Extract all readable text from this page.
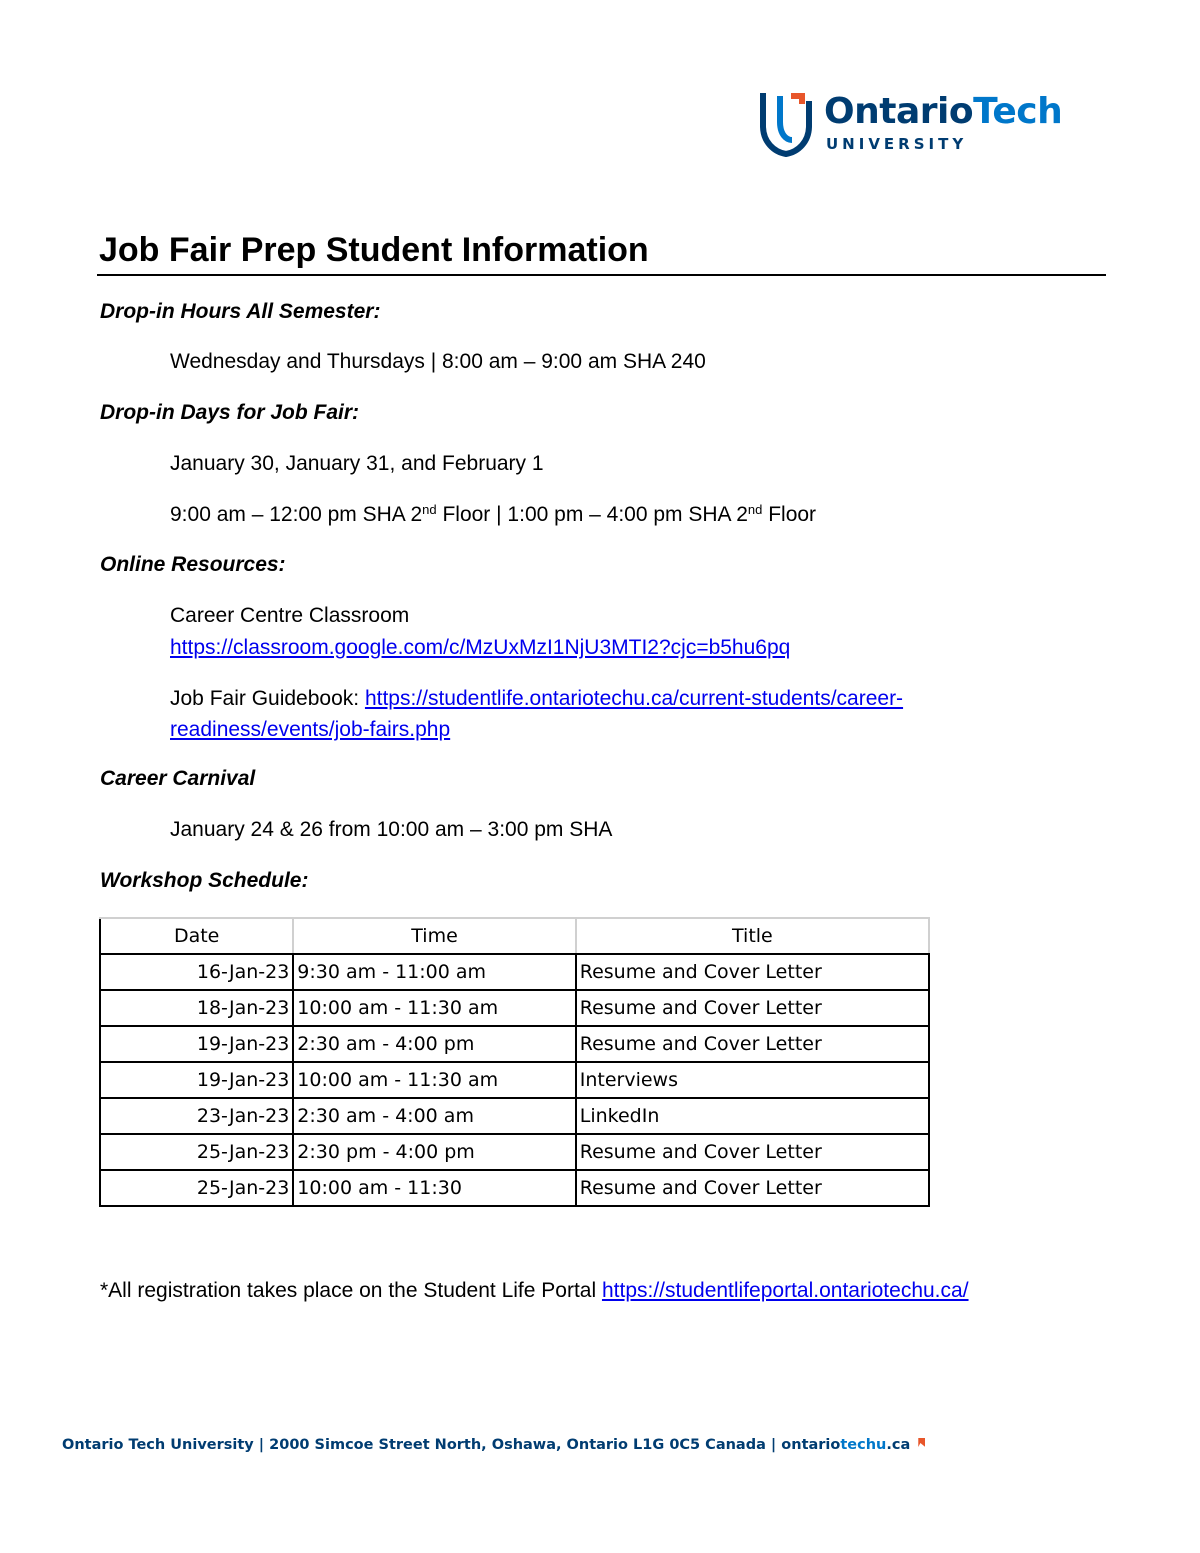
OntarioTech
UNIVERSITY
Job Fair Prep Student Information
Drop-in Hours All Semester:
Wednesday and Thursdays | 8:00 am – 9:00 am SHA 240
Drop-in Days for Job Fair:
January 30, January 31, and February 1
9:00 am – 12:00 pm SHA 2nd Floor | 1:00 pm – 4:00 pm SHA 2nd Floor
Online Resources:
Career Centre Classroom
https://classroom.google.com/c/MzUxMzI1NjU3MTI2?cjc=b5hu6pq
Job Fair Guidebook: https://studentlife.ontariotechu.ca/current-students/career-
readiness/events/job-fairs.php
Career Carnival
January 24 & 26 from 10:00 am – 3:00 pm SHA
Workshop Schedule:
Date	Time	Title
16-Jan-23	9:30 am - 11:00 am	Resume and Cover Letter
18-Jan-23	10:00 am - 11:30 am	Resume and Cover Letter
19-Jan-23	2:30 am - 4:00 pm	Resume and Cover Letter
19-Jan-23	10:00 am - 11:30 am	Interviews
23-Jan-23	2:30 am - 4:00 am	LinkedIn
25-Jan-23	2:30 pm - 4:00 pm	Resume and Cover Letter
25-Jan-23	10:00 am - 11:30	Resume and Cover Letter
*All registration takes place on the Student Life Portal https://studentlifeportal.ontariotechu.ca/
Ontario Tech University | 2000 Simcoe Street North, Oshawa, Ontario L1G 0C5 Canada | ontariotechu.ca
